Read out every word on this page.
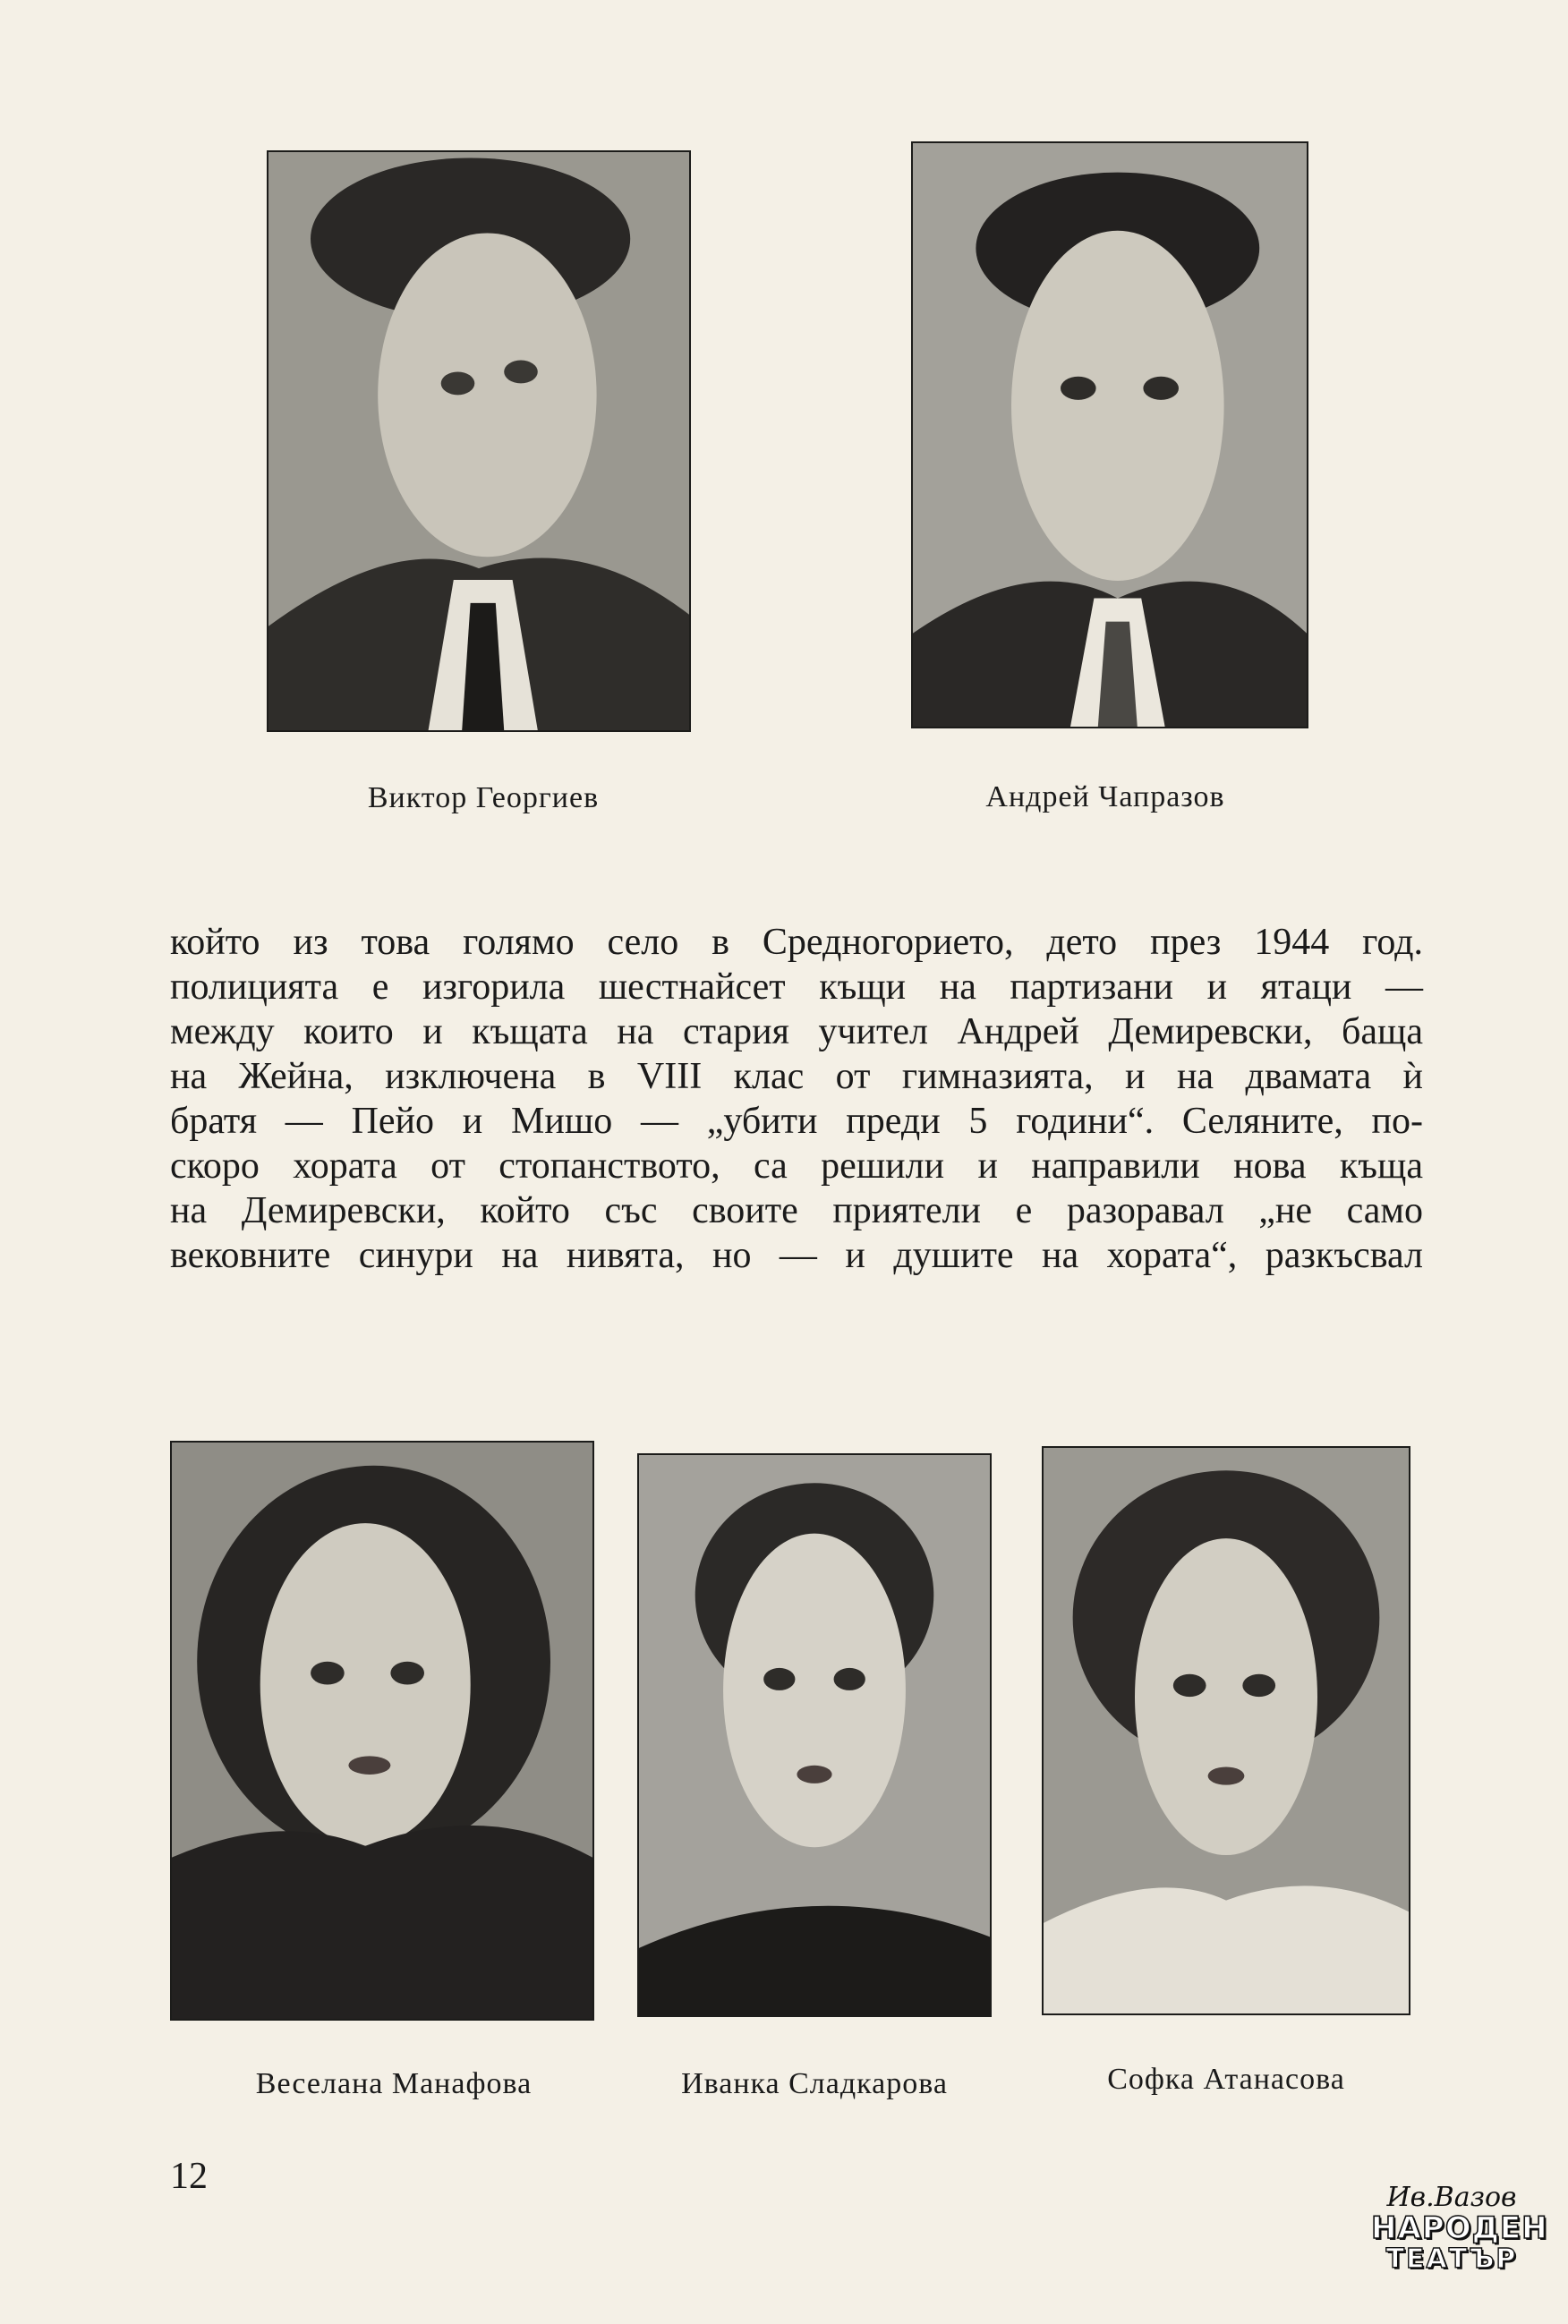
Виктор Георгиев	Андрей Чапразов
който из това голямо село в Средногорието, дето през 1944 год.
полицията е изгорила шестнайсет къщи на партизани и ятаци —
между които и къщата на стария учител Андрей Демиревски, баща
на Жейна, изключена в VIII клас от гимназията, и на двамата ѝ
братя — Пейо и Мишо — „убити преди 5 години“. Селяните, по-
скоро хората от стопанството, са решили и направили нова къща
на Демиревски, който със своите приятели е разоравал „не само
вековните синури на нивята, но — и душите на хората“, разкъсвал
Веселана Манафова	Иванка Сладкарова	Софка Атанасова
12
Ив.Вазов
НАРОДЕН
ТЕАТЪР
